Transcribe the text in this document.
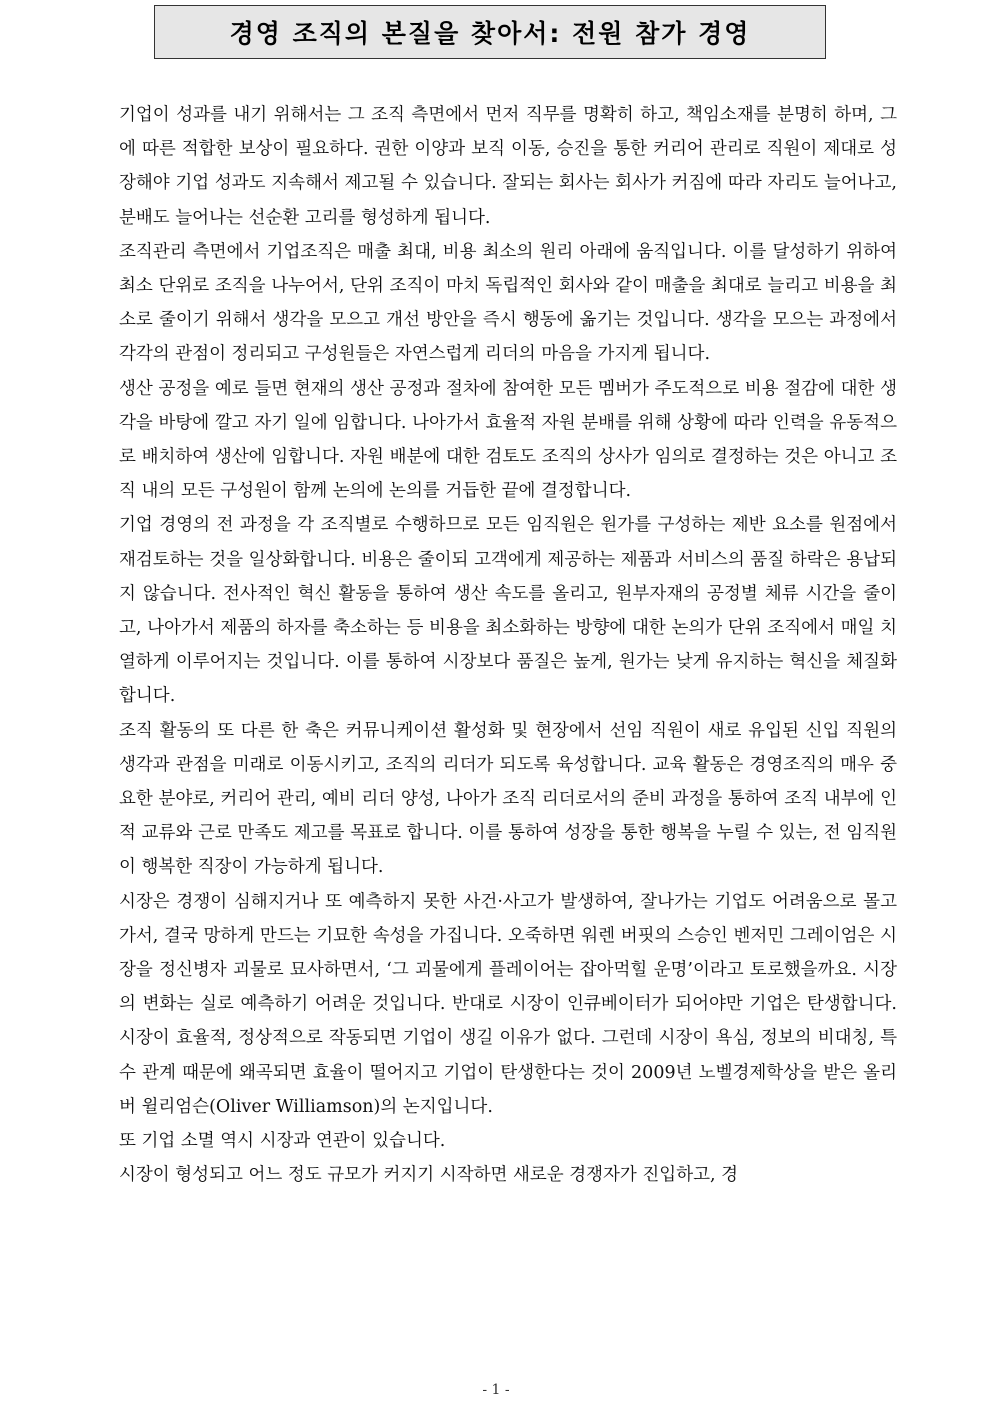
경영 조직의 본질을 찾아서: 전원 참가 경영

기업이 성과를 내기 위해서는 그 조직 측면에서 먼저 직무를 명확히 하고, 책임소재를 분명히 하며, 그에 따른 적합한 보상이 필요하다. 권한 이양과 보직 이동, 승진을 통한 커리어 관리로 직원이 제대로 성장해야 기업 성과도 지속해서 제고될 수 있습니다. 잘되는 회사는 회사가 커짐에 따라 자리도 늘어나고, 분배도 늘어나는 선순환 고리를 형성하게 됩니다.

조직관리 측면에서 기업조직은 매출 최대, 비용 최소의 원리 아래에 움직입니다. 이를 달성하기 위하여 최소 단위로 조직을 나누어서, 단위 조직이 마치 독립적인 회사와 같이 매출을 최대로 늘리고 비용을 최소로 줄이기 위해서 생각을 모으고 개선 방안을 즉시 행동에 옮기는 것입니다. 생각을 모으는 과정에서 각각의 관점이 정리되고 구성원들은 자연스럽게 리더의 마음을 가지게 됩니다.

생산 공정을 예로 들면 현재의 생산 공정과 절차에 참여한 모든 멤버가 주도적으로 비용 절감에 대한 생각을 바탕에 깔고 자기 일에 임합니다. 나아가서 효율적 자원 분배를 위해 상황에 따라 인력을 유동적으로 배치하여 생산에 임합니다. 자원 배분에 대한 검토도 조직의 상사가 임의로 결정하는 것은 아니고 조직 내의 모든 구성원이 함께 논의에 논의를 거듭한 끝에 결정합니다.

기업 경영의 전 과정을 각 조직별로 수행하므로 모든 임직원은 원가를 구성하는 제반 요소를 원점에서 재검토하는 것을 일상화합니다. 비용은 줄이되 고객에게 제공하는 제품과 서비스의 품질 하락은 용납되지 않습니다. 전사적인 혁신 활동을 통하여 생산 속도를 올리고, 원부자재의 공정별 체류 시간을 줄이고, 나아가서 제품의 하자를 축소하는 등 비용을 최소화하는 방향에 대한 논의가 단위 조직에서 매일 치열하게 이루어지는 것입니다. 이를 통하여 시장보다 품질은 높게, 원가는 낮게 유지하는 혁신을 체질화합니다.

조직 활동의 또 다른 한 축은 커뮤니케이션 활성화 및 현장에서 선임 직원이 새로 유입된 신입 직원의 생각과 관점을 미래로 이동시키고, 조직의 리더가 되도록 육성합니다. 교육 활동은 경영조직의 매우 중요한 분야로, 커리어 관리, 예비 리더 양성, 나아가 조직 리더로서의 준비 과정을 통하여 조직 내부에 인적 교류와 근로 만족도 제고를 목표로 합니다. 이를 통하여 성장을 통한 행복을 누릴 수 있는, 전 임직원이 행복한 직장이 가능하게 됩니다.

시장은 경쟁이 심해지거나 또 예측하지 못한 사건·사고가 발생하여, 잘나가는 기업도 어려움으로 몰고 가서, 결국 망하게 만드는 기묘한 속성을 가집니다. 오죽하면 워렌 버핏의 스승인 벤저민 그레이엄은 시장을 정신병자 괴물로 묘사하면서, ‘그 괴물에게 플레이어는 잡아먹힐 운명’이라고 토로했을까요. 시장의 변화는 실로 예측하기 어려운 것입니다. 반대로 시장이 인큐베이터가 되어야만 기업은 탄생합니다. 시장이 효율적, 정상적으로 작동되면 기업이 생길 이유가 없다. 그런데 시장이 욕심, 정보의 비대칭, 특수 관계 때문에 왜곡되면 효율이 떨어지고 기업이 탄생한다는 것이 2009년 노벨경제학상을 받은 올리버 윌리엄슨(Oliver Williamson)의 논지입니다.

또 기업 소멸 역시 시장과 연관이 있습니다.

시장이 형성되고 어느 정도 규모가 커지기 시작하면 새로운 경쟁자가 진입하고, 경

- 1 -
